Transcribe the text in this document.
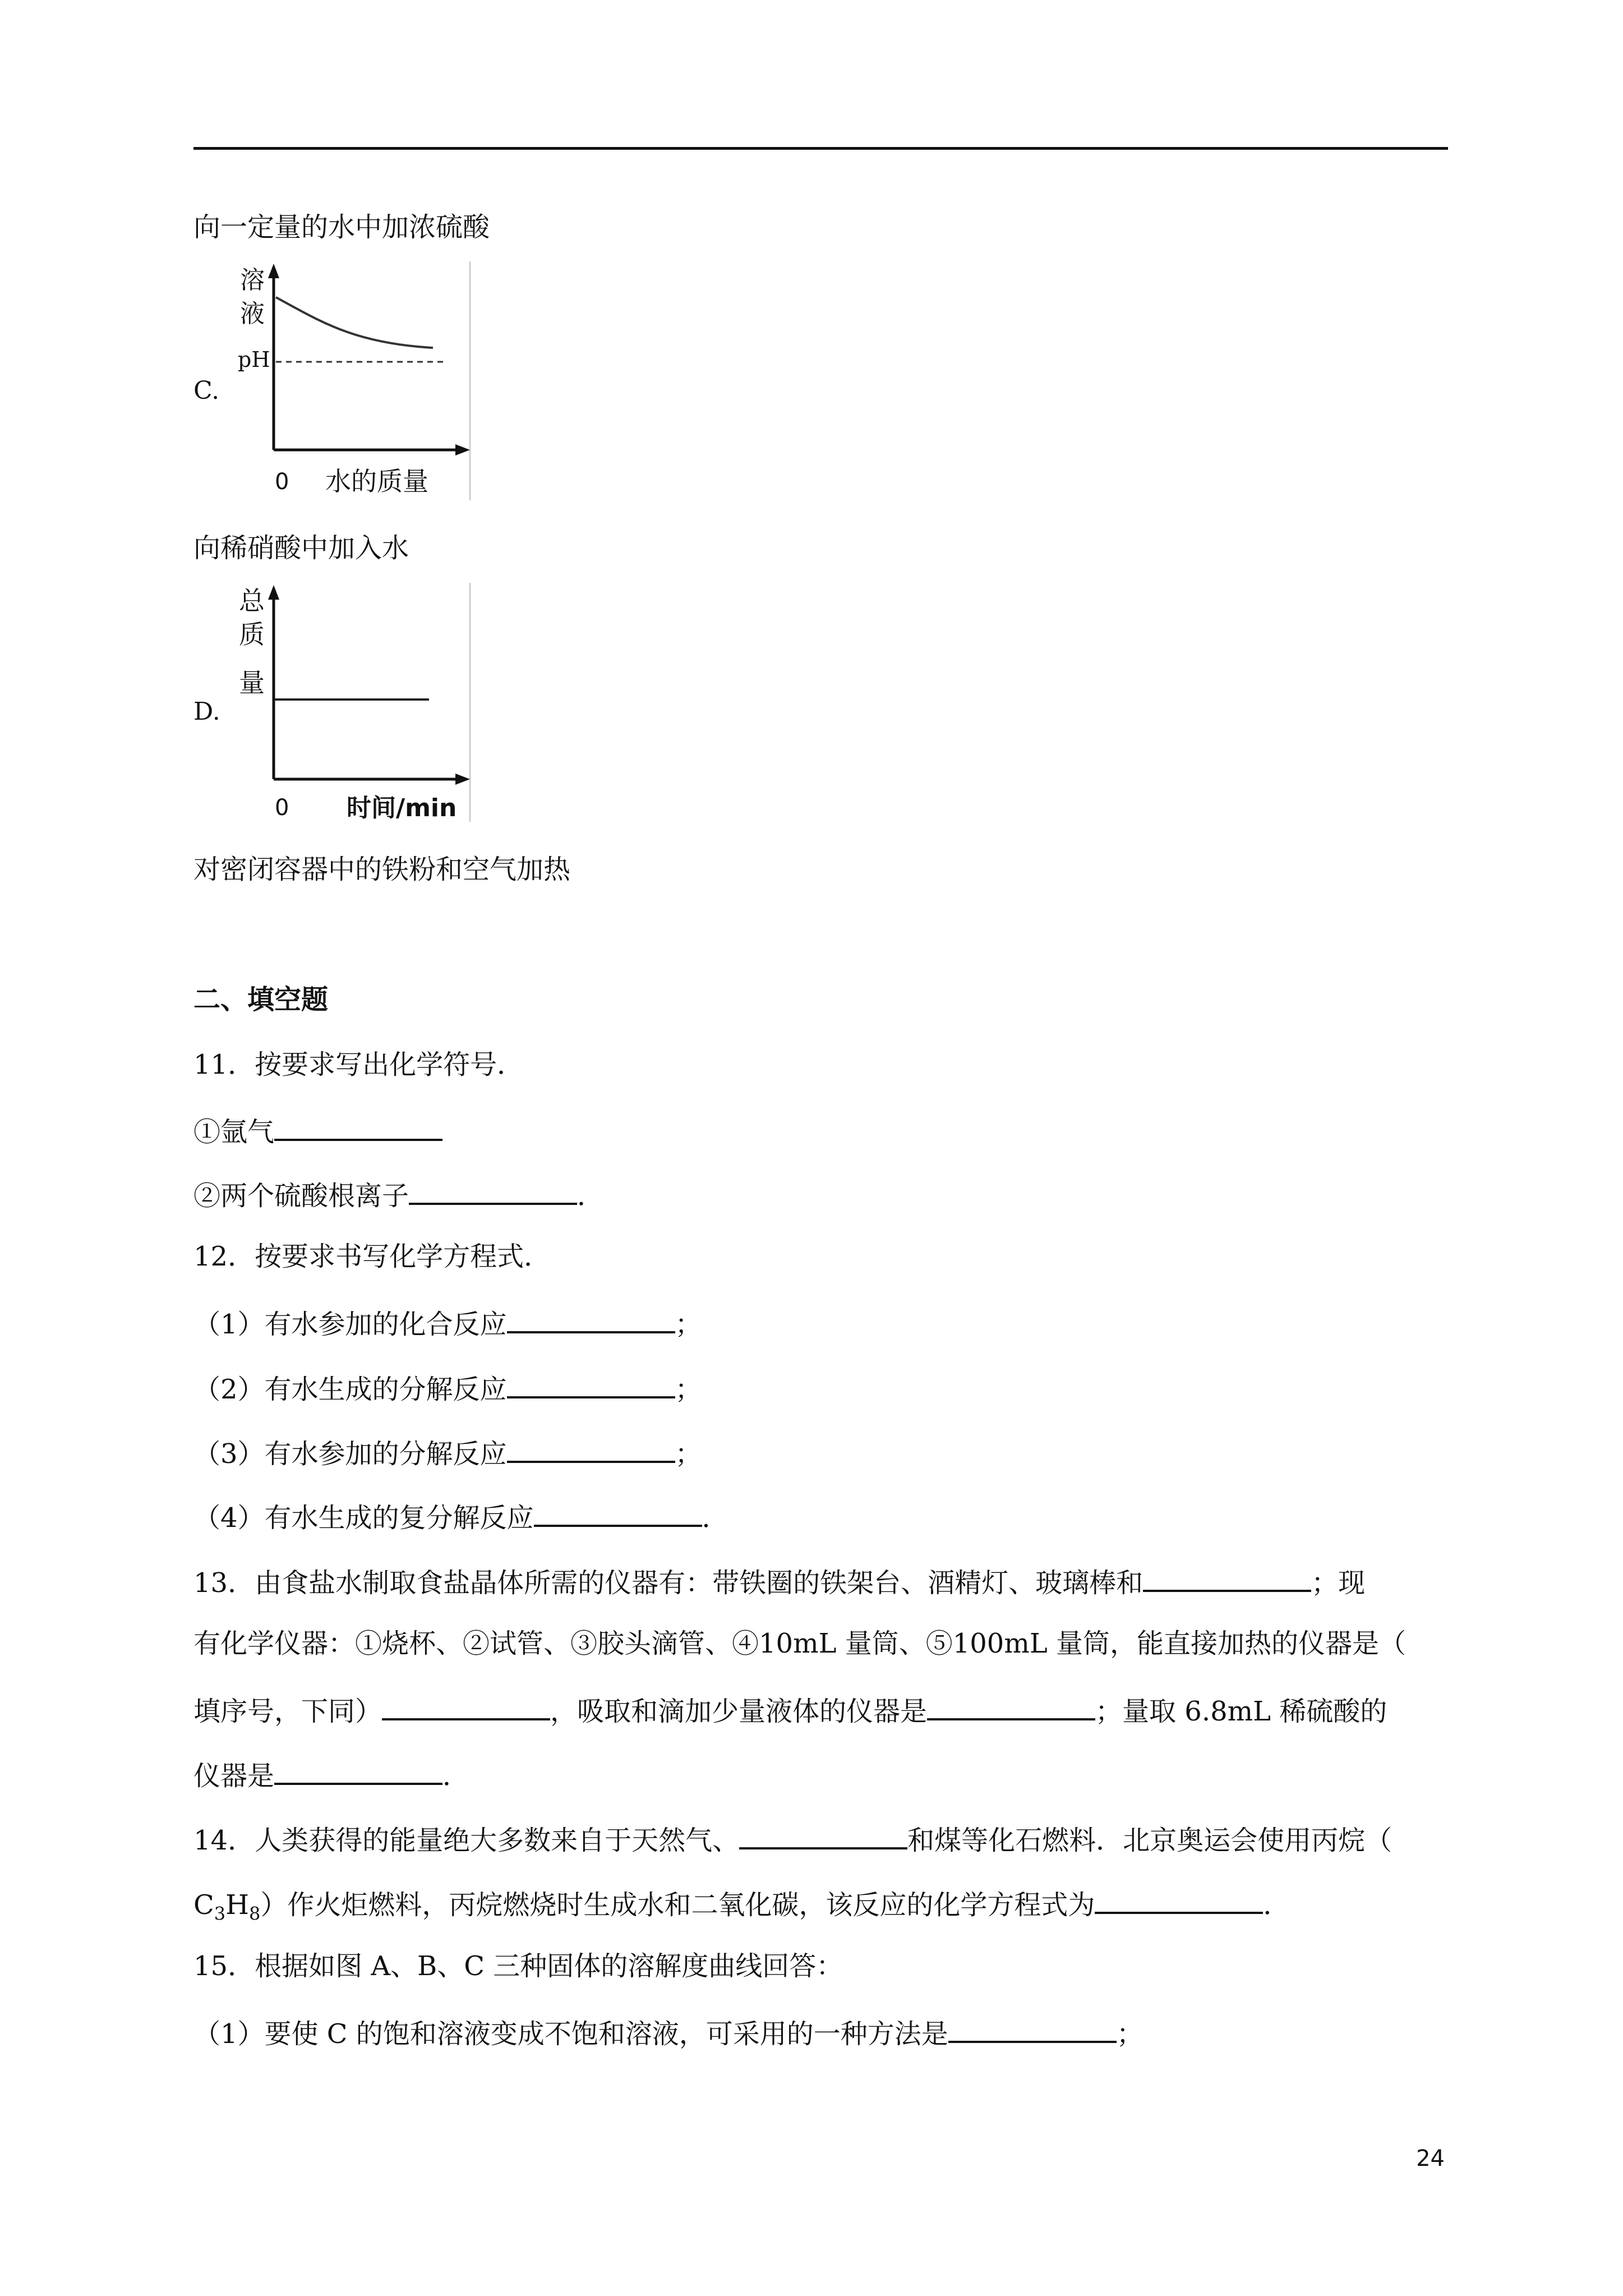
向一定量的水中加浓硫酸
C.
溶
液
pH
0 水的质量
向稀硝酸中加入水
D.
总
质
量
0 时间/min
对密闭容器中的铁粉和空气加热
二、填空题
11．按要求写出化学符号．
①氩气
②两个硫酸根离子	．
12．按要求书写化学方程式．
（1）有水参加的化合反应	；
（2）有水生成的分解反应	；
（3）有水参加的分解反应	；
（4）有水生成的复分解反应	．
13．由食盐水制取食盐晶体所需的仪器有：带铁圈的铁架台、酒精灯、玻璃棒和	；现
有化学仪器：①烧杯、②试管、③胶头滴管、④10mL 量筒、⑤100mL 量筒，能直接加热的仪器是（
填序号，下同）	，吸取和滴加少量液体的仪器是	；量取 6.8mL 稀硫酸的
仪器是	．
14．人类获得的能量绝大多数来自于天然气、	和煤等化石燃料．北京奥运会使用丙烷（
$C_3H_8$）作火炬燃料，丙烷燃烧时生成水和二氧化碳，该反应的化学方程式为	．
15．根据如图 A、B、C 三种固体的溶解度曲线回答：
（1）要使 C 的饱和溶液变成不饱和溶液，可采用的一种方法是	；
24
